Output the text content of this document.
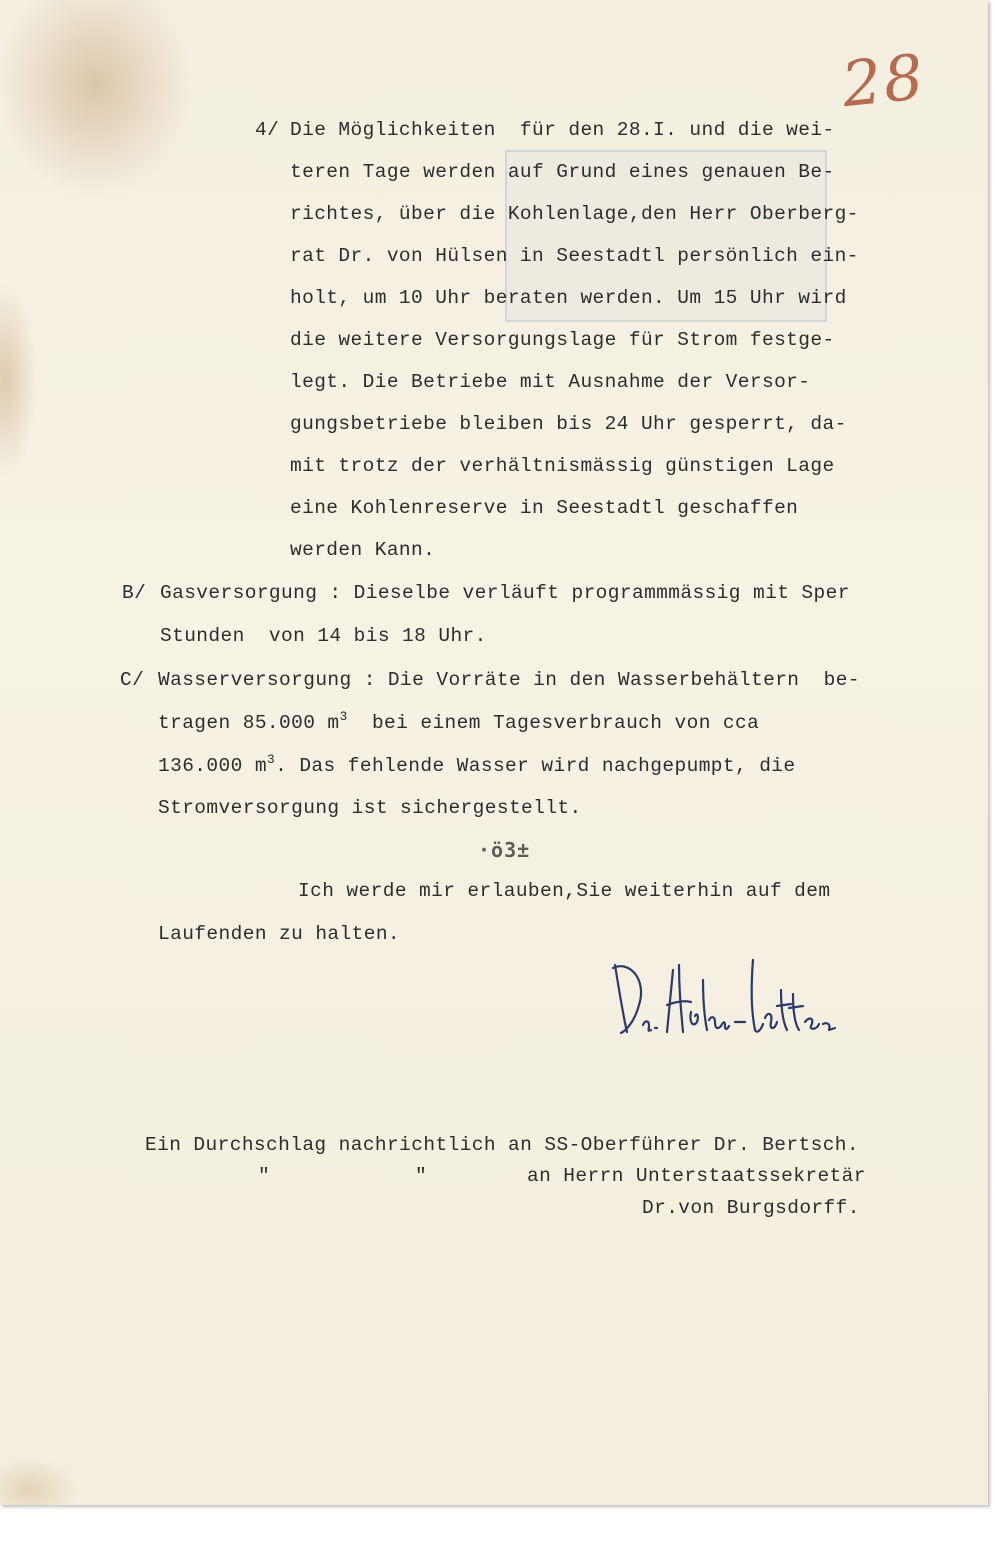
28
4/ Die Möglichkeiten  für den 28.I. und die wei-
teren Tage werden auf Grund eines genauen Be-
richtes, über die Kohlenlage,den Herr Oberberg-
rat Dr. von Hülsen in Seestadtl persönlich ein-
holt, um 10 Uhr beraten werden. Um 15 Uhr wird
die weitere Versorgungslage für Strom festge-
legt. Die Betriebe mit Ausnahme der Versor-
gungsbetriebe bleiben bis 24 Uhr gesperrt, da-
mit trotz der verhältnismässig günstigen Lage
eine Kohlenreserve in Seestadtl geschaffen
werden Kann.
B/ Gasversorgung : Dieselbe verläuft programmmässig mit Sper
Stunden  von 14 bis 18 Uhr.
C/ Wasserversorgung : Die Vorräte in den Wasserbehältern  be-
tragen 85.000 $m^3$  bei einem Tagesverbrauch von cca
136.000 $m^3$. Das fehlende Wasser wird nachgepumpt, die
Stromversorgung ist sichergestellt.
·ö3±
Ich werde mir erlauben,Sie weiterhin auf dem
Laufenden zu halten.
Ein Durchschlag nachrichtlich an SS-Oberführer Dr. Bertsch.
"	"	an Herrn Unterstaatssekretär
Dr.von Burgsdorff.
